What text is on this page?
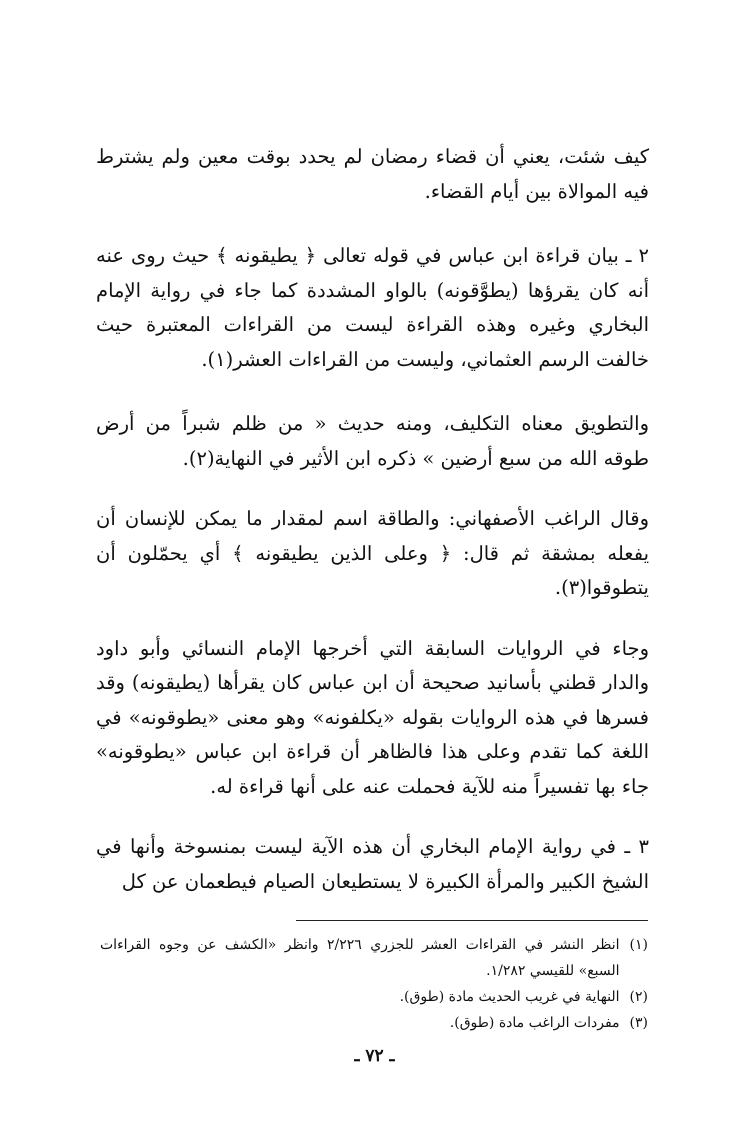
كيف شئت، يعني أن قضاء رمضان لم يحدد بوقت معين ولم يشترط فيه الموالاة بين أيام القضاء.

٢ ـ بيان قراءة ابن عباس في قوله تعالى ﴿ يطيقونه ﴾ حيث روى عنه أنه كان يقرؤها (يطوَّقونه) بالواو المشددة كما جاء في رواية الإمام البخاري وغيره وهذه القراءة ليست من القراءات المعتبرة حيث خالفت الرسم العثماني، وليست من القراءات العشر(١).

والتطويق معناه التكليف، ومنه حديث « من ظلم شبراً من أرض طوقه الله من سبع أرضين » ذكره ابن الأثير في النهاية(٢).

وقال الراغب الأصفهاني: والطاقة اسم لمقدار ما يمكن للإنسان أن يفعله بمشقة ثم قال: ﴿ وعلى الذين يطيقونه ﴾ أي يحمّلون أن يتطوقوا(٣).

وجاء في الروايات السابقة التي أخرجها الإمام النسائي وأبو داود والدار قطني بأسانيد صحيحة أن ابن عباس كان يقرأها (يطيقونه) وقد فسرها في هذه الروايات بقوله «يكلفونه» وهو معنى «يطوقونه» في اللغة كما تقدم وعلى هذا فالظاهر أن قراءة ابن عباس «يطوقونه» جاء بها تفسيراً منه للآية فحملت عنه على أنها قراءة له.

٣ ـ في رواية الإمام البخاري أن هذه الآية ليست بمنسوخة وأنها في الشيخ الكبير والمرأة الكبيرة لا يستطيعان الصيام فيطعمان عن كل

(١)
انظر النشر في القراءات العشر للجزري ٢/٢٢٦ وانظر «الكشف عن وجوه القراءات السبع» للقيسي ١/٢٨٢.
(٢)
النهاية في غريب الحديث مادة (طوق).
(٣)
مفردات الراغب مادة (طوق).
ـ ٧٢ ـ
